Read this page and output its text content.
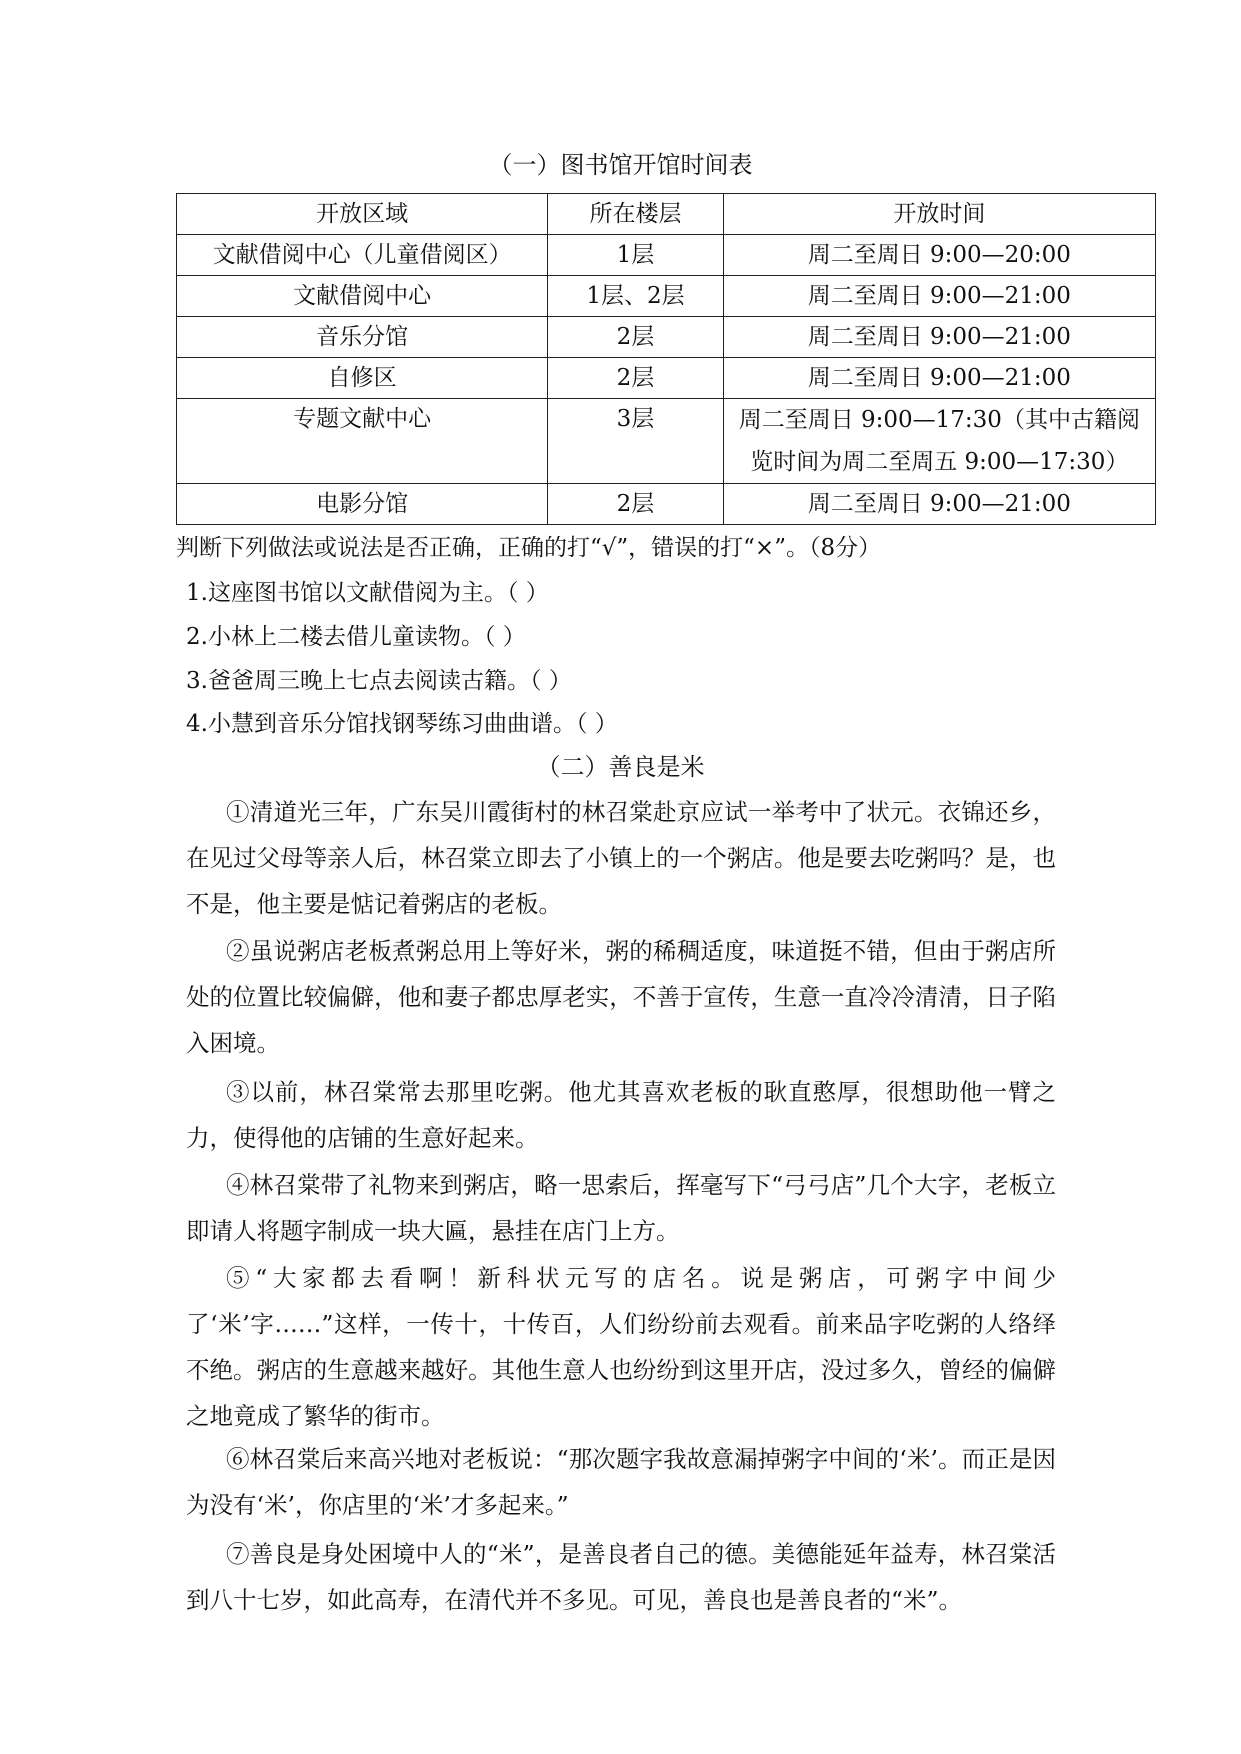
（一）图书馆开馆时间表
开放区域	所在楼层	开放时间
文献借阅中心（儿童借阅区）	1层	周二至周日 9:00—20:00
文献借阅中心	1层、2层	周二至周日 9:00—21:00
音乐分馆	2层	周二至周日 9:00—21:00
自修区	2层	周二至周日 9:00—21:00
专题文献中心	3层	周二至周日 9:00—17:30（其中古籍阅览时间为周二至周五 9:00—17:30）
电影分馆	2层	周二至周日 9:00—21:00
判断下列做法或说法是否正确，正确的打“√”，错误的打“×”。（8分）
1.这座图书馆以文献借阅为主。（ ）
2.小林上二楼去借儿童读物。（ ）
3.爸爸周三晚上七点去阅读古籍。（ ）
4.小慧到音乐分馆找钢琴练习曲曲谱。（ ）
（二）善良是米

①清道光三年，广东吴川霞街村的林召棠赴京应试一举考中了状元。衣锦还乡，在见过父母等亲人后，林召棠立即去了小镇上的一个粥店。他是要去吃粥吗？是，也不是，他主要是惦记着粥店的老板。

②虽说粥店老板煮粥总用上等好米，粥的稀稠适度，味道挺不错，但由于粥店所处的位置比较偏僻，他和妻子都忠厚老实，不善于宣传，生意一直冷冷清清，日子陷入困境。

③以前，林召棠常去那里吃粥。他尤其喜欢老板的耿直憨厚，很想助他一臂之力，使得他的店铺的生意好起来。

④林召棠带了礼物来到粥店，略一思索后，挥毫写下“弓弓店”几个大字，老板立即请人将题字制成一块大匾，悬挂在店门上方。

⑤“大家都去看啊！新科状元写的店名。说是粥店，可粥字中间少了‘米’字……”这样，一传十，十传百，人们纷纷前去观看。前来品字吃粥的人络绎不绝。粥店的生意越来越好。其他生意人也纷纷到这里开店，没过多久，曾经的偏僻之地竟成了繁华的街市。

⑥林召棠后来高兴地对老板说：“那次题字我故意漏掉粥字中间的‘米’。而正是因为没有‘米’，你店里的‘米’才多起来。”

⑦善良是身处困境中人的“米”，是善良者自己的德。美德能延年益寿，林召棠活到八十七岁，如此高寿，在清代并不多见。可见，善良也是善良者的“米”。
